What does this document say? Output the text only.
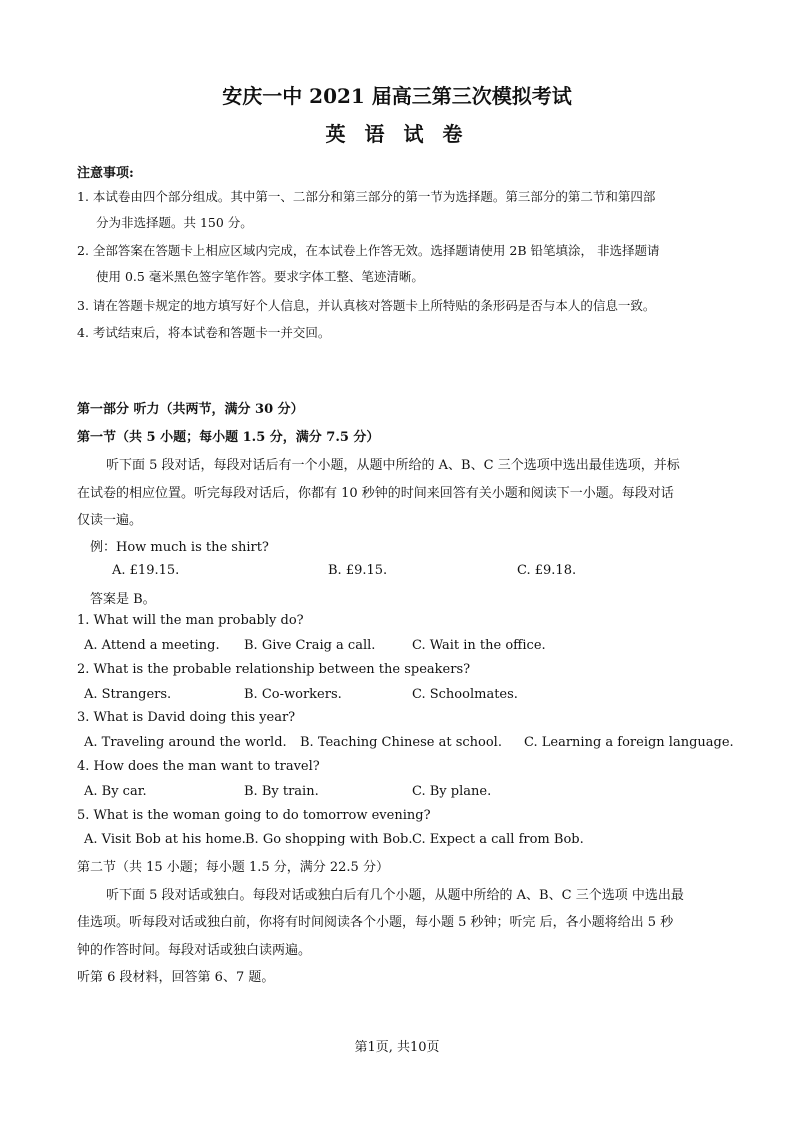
安庆一中 2021 届高三第三次模拟考试
英 语 试 卷
注意事项:
1. 本试卷由四个部分组成。其中第一、二部分和第三部分的第一节为选择题。第三部分的第二节和第四部
分为非选择题。共 150 分。
2. 全部答案在答题卡上相应区域内完成，在本试卷上作答无效。选择题请使用 2B 铅笔填涂， 非选择题请
使用 0.5 毫米黑色签字笔作答。要求字体工整、笔迹清晰。
3. 请在答题卡规定的地方填写好个人信息，并认真核对答题卡上所特贴的条形码是否与本人的信息一致。
4. 考试结束后，将本试卷和答题卡一并交回。
第一部分 听力（共两节，满分 30 分）
第一节（共 5 小题；每小题 1.5 分，满分 7.5 分）
听下面 5 段对话，每段对话后有一个小题，从题中所给的 A、B、C 三个选项中选出最佳选项，并标
在试卷的相应位置。听完每段对话后，你都有 10 秒钟的时间来回答有关小题和阅读下一小题。每段对话
仅读一遍。
例：How much is the shirt?
A. £19.15.	B. £9.15.	C. £9.18.
答案是 B。
1. What will the man probably do?
A. Attend a meeting. B. Give Craig a call.	C. Wait in the office.
2. What is the probable relationship between the speakers?
A. Strangers.	B. Co-workers.	C. Schoolmates.
3. What is David doing this year?
A. Traveling around the world. B. Teaching Chinese at school. C. Learning a foreign language.
4. How does the man want to travel?
A. By car.	B. By train.	C. By plane.
5. What is the woman going to do tomorrow evening?
A. Visit Bob at his home. B. Go shopping with Bob. C. Expect a call from Bob.
第二节（共 15 小题；每小题 1.5 分，满分 22.5 分）
听下面 5 段对话或独白。每段对话或独白后有几个小题，从题中所给的 A、B、C 三个选项 中选出最
佳选项。听每段对话或独白前，你将有时间阅读各个小题，每小题 5 秒钟；听完 后，各小题将给出 5 秒
钟的作答时间。每段对话或独白读两遍。
听第 6 段材料，回答第 6、7 题。
第1页, 共10页
